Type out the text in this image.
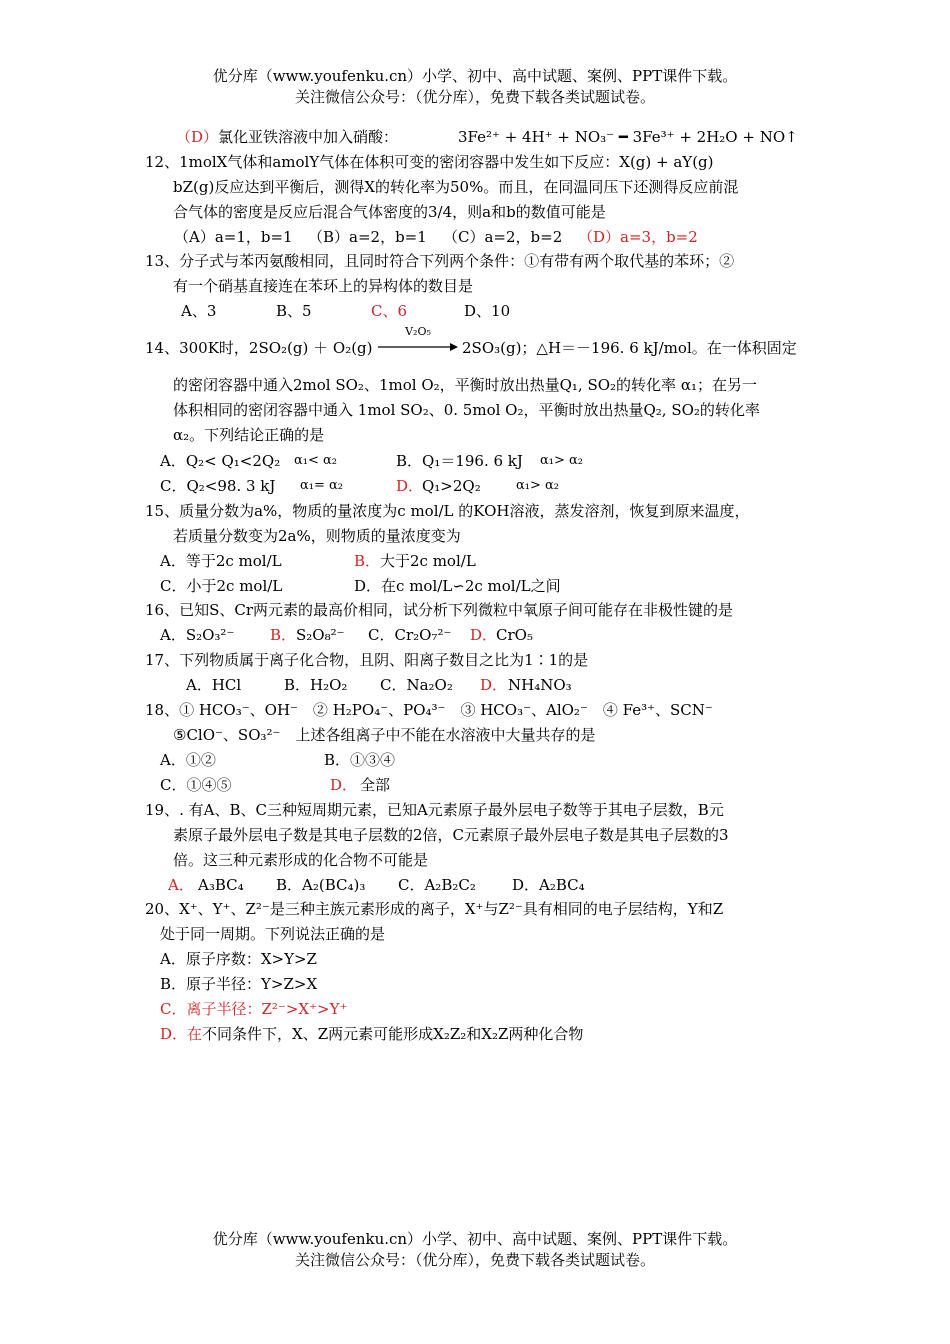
优分库（www.youfenku.cn）小学、初中、高中试题、案例、PPT课件下载。
关注微信公众号：（优分库），免费下载各类试题试卷。
（D）氯化亚铁溶液中加入硝酸：	3Fe²⁺ + 4H⁺ + NO₃⁻ ━ 3Fe³⁺ + 2H₂O + NO↑
12、1molX气体和amolY气体在体积可变的密闭容器中发生如下反应：X(g) + aY(g)
bZ(g)反应达到平衡后，测得X的转化率为50%。而且，在同温同压下还测得反应前混
合气体的密度是反应后混合气体密度的3/4，则a和b的数值可能是
（A）a=1，b=1 （B）a=2，b=1 （C）a=2，b=2 （D）a=3，b=2
13、分子式与苯丙氨酸相同，且同时符合下列两个条件：①有带有两个取代基的苯环；②
有一个硝基直接连在苯环上的异构体的数目是
A、3	B、5	C、6	D、10
14、300K时，2SO₂(g) ＋ O₂(g)
V₂O₅
2SO₃(g)；△H＝－196. 6 kJ/mol。在一体积固定
的密闭容器中通入2mol SO₂、1mol O₂，平衡时放出热量Q₁, SO₂的转化率 α₁；在另一
体积相同的密闭容器中通入 1mol SO₂、0. 5mol O₂，平衡时放出热量Q₂, SO₂的转化率
α₂。下列结论正确的是
A．Q₂< Q₁<2Q₂ α₁< α₂	B．Q₁＝196. 6 kJ α₁> α₂
C．Q₂<98. 3 kJ α₁= α₂	D．
Q₁>2Q₂	α₁> α₂
15、质量分数为a%，物质的量浓度为c mol/L 的KOH溶液，蒸发溶剂，恢复到原来温度，
若质量分数变为2a%，则物质的量浓度变为
A．等于2c mol/L	B． 大于2c mol/L
C．小于2c mol/L	D．在c mol/L∽2c mol/L之间
16、已知S、Cr两元素的最高价相同，试分析下列微粒中氧原子间可能存在非极性键的是
A．S₂O₃²⁻ B． S₂O₈²⁻ C．Cr₂O₇²⁻ D．
CrO₅
17、下列物质属于离子化合物，且阴、阳离子数目之比为1∶1的是
A．HCl	B．H₂O₂ C．Na₂O₂ D． NH₄NO₃
18、① HCO₃⁻、OH⁻　② H₂PO₄⁻、PO₄³⁻　③ HCO₃⁻、AlO₂⁻　④ Fe³⁺、SCN⁻
⑤ClO⁻、SO₃²⁻　上述各组离子中不能在水溶液中大量共存的是
A．①②	B．①③④
C．①④⑤	D． 全部
19、. 有A、B、C三种短周期元素，已知A元素原子最外层电子数等于其电子层数，B元
素原子最外层电子数是其电子层数的2倍，C元素原子最外层电子数是其电子层数的3
倍。这三种元素形成的化合物不可能是
A． A₃BC₄ B．A₂(BC₄)₃ C．A₂B₂C₂ D．A₂BC₄
20、X⁺、Y⁺、Z²⁻是三种主族元素形成的离子，X⁺与Z²⁻具有相同的电子层结构，Y和Z
处于同一周期。下列说法正确的是
A．原子序数：X>Y>Z
B．原子半径：Y>Z>X
C．离子半径：Z²⁻>X⁺>Y⁺
D．在不同条件下，X、Z两元素可能形成X₂Z₂和X₂Z两种化合物
优分库（www.youfenku.cn）小学、初中、高中试题、案例、PPT课件下载。
关注微信公众号：（优分库），免费下载各类试题试卷。
